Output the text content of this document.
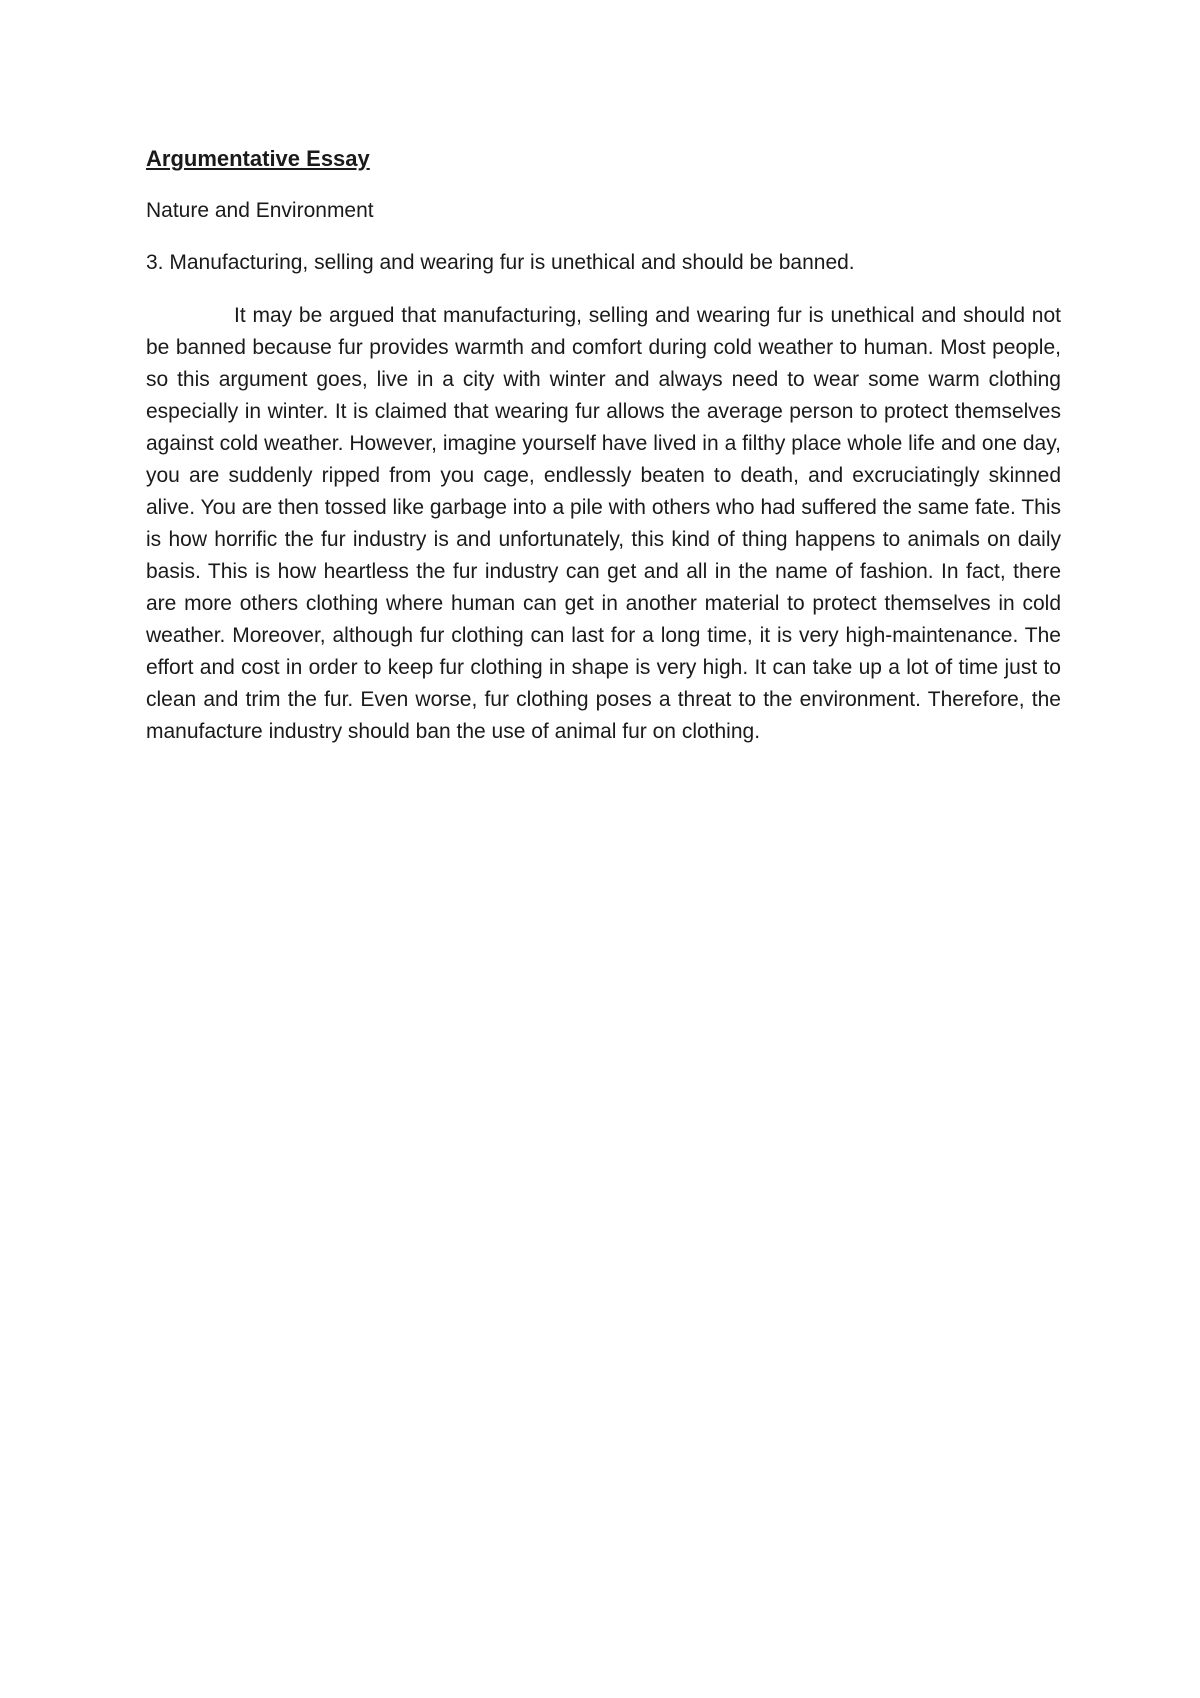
Argumentative Essay
Nature and Environment
3. Manufacturing, selling and wearing fur is unethical and should be banned.

It may be argued that manufacturing, selling and wearing fur is unethical and should not be banned because fur provides warmth and comfort during cold weather to human. Most people, so this argument goes, live in a city with winter and always need to wear some warm clothing especially in winter. It is claimed that wearing fur allows the average person to protect themselves against cold weather. However, imagine yourself have lived in a filthy place whole life and one day, you are suddenly ripped from you cage, endlessly beaten to death, and excruciatingly skinned alive. You are then tossed like garbage into a pile with others who had suffered the same fate. This is how horrific the fur industry is and unfortunately, this kind of thing happens to animals on daily basis. This is how heartless the fur industry can get and all in the name of fashion. In fact, there are more others clothing where human can get in another material to protect themselves in cold weather. Moreover, although fur clothing can last for a long time, it is very high-maintenance. The effort and cost in order to keep fur clothing in shape is very high. It can take up a lot of time just to clean and trim the fur. Even worse, fur clothing poses a threat to the environment. Therefore, the manufacture industry should ban the use of animal fur on clothing.
